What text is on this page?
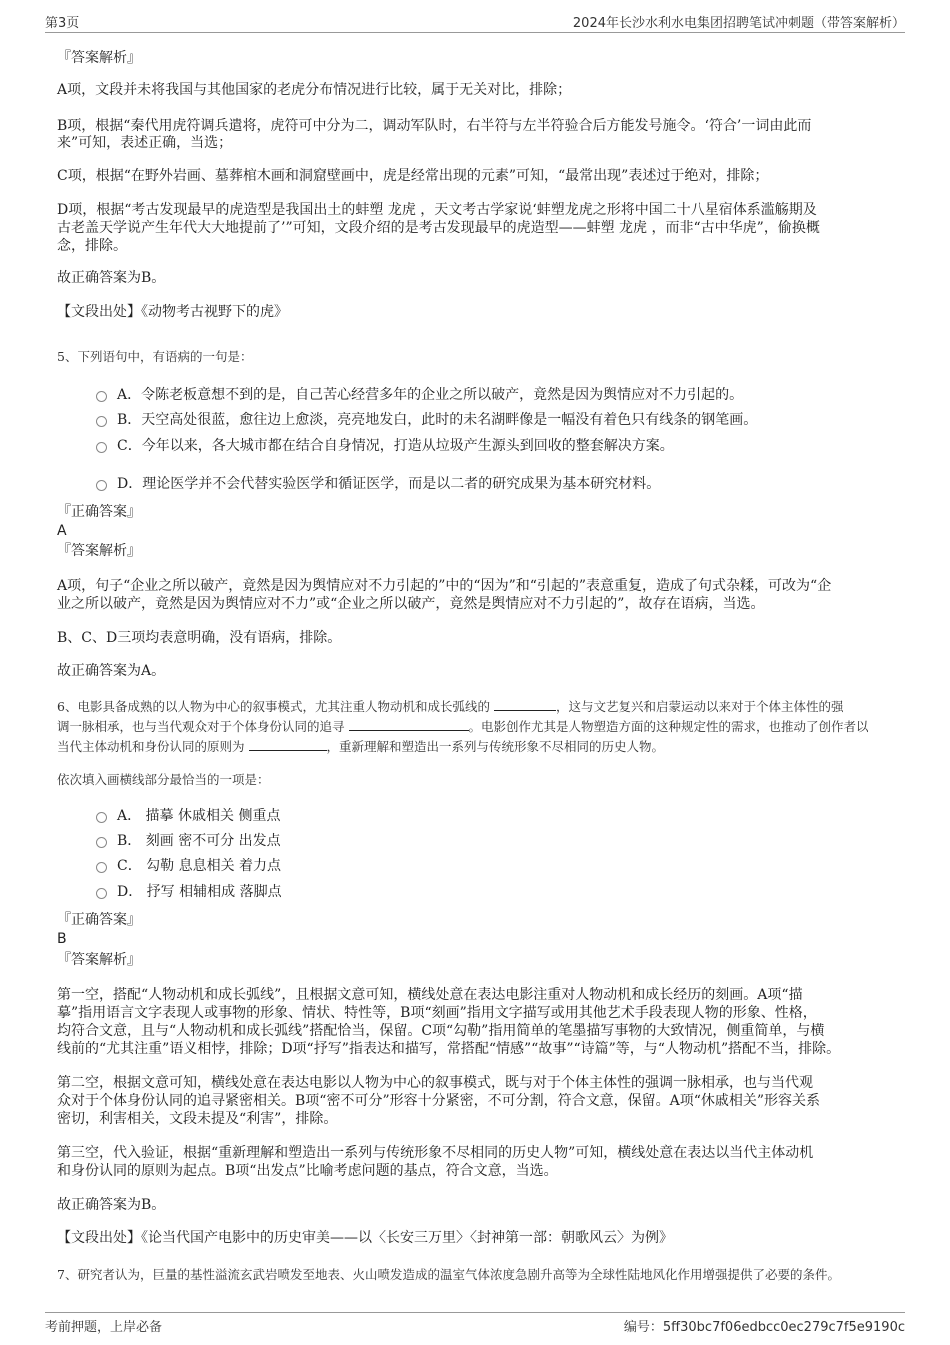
第3页	2024年长沙水利水电集团招聘笔试冲刺题（带答案解析）

『答案解析』

A项，文段并未将我国与其他国家的老虎分布情况进行比较，属于无关对比，排除；

B项，根据“秦代用虎符调兵遣将，虎符可中分为二，调动军队时，右半符与左半符验合后方能发号施令。‘符合’一词由此而

来”可知，表述正确，当选；

C项，根据“在野外岩画、墓葬棺木画和洞窟壁画中，虎是经常出现的元素”可知，“最常出现”表述过于绝对，排除；

D项，根据“考古发现最早的虎造型是我国出土的蚌塑 龙虎 ，天文考古学家说‘蚌塑龙虎之形将中国二十八星宿体系滥觞期及

古老盖天学说产生年代大大地提前了’”可知，文段介绍的是考古发现最早的虎造型——蚌塑 龙虎 ，而非“古中华虎”，偷换概

念，排除。

故正确答案为B。

【文段出处】《动物考古视野下的虎》

5、下列语句中，有语病的一句是：

A．令陈老板意想不到的是，自己苦心经营多年的企业之所以破产，竟然是因为舆情应对不力引起的。
B．天空高处很蓝，愈往边上愈淡，亮亮地发白，此时的未名湖畔像是一幅没有着色只有线条的钢笔画。
C．今年以来，各大城市都在结合自身情况，打造从垃圾产生源头到回收的整套解决方案。
D．理论医学并不会代替实验医学和循证医学，而是以二者的研究成果为基本研究材料。

『正确答案』

A

『答案解析』

A项，句子“企业之所以破产，竟然是因为舆情应对不力引起的”中的“因为”和“引起的”表意重复，造成了句式杂糅，可改为“企

业之所以破产，竟然是因为舆情应对不力”或“企业之所以破产，竟然是舆情应对不力引起的”，故存在语病，当选。

B、C、D三项均表意明确，没有语病，排除。

故正确答案为A。

6、电影具备成熟的以人物为中心的叙事模式，尤其注重人物动机和成长弧线的	，这与文艺复兴和启蒙运动以来对于个体主体性的强

调一脉相承，也与当代观众对于个体身份认同的追寻	。电影创作尤其是人物塑造方面的这种规定性的需求，也推动了创作者以

当代主体动机和身份认同的原则为	，重新理解和塑造出一系列与传统形象不尽相同的历史人物。

依次填入画横线部分最恰当的一项是：

A． 描摹 休戚相关 侧重点
B． 刻画 密不可分 出发点
C． 勾勒 息息相关 着力点
D． 抒写 相辅相成 落脚点

『正确答案』

B

『答案解析』

第一空，搭配“人物动机和成长弧线”，且根据文意可知，横线处意在表达电影注重对人物动机和成长经历的刻画。A项“描

摹”指用语言文字表现人或事物的形象、情状、特性等，B项“刻画”指用文字描写或用其他艺术手段表现人物的形象、性格，

均符合文意，且与“人物动机和成长弧线”搭配恰当，保留。C项“勾勒”指用简单的笔墨描写事物的大致情况，侧重简单，与横

线前的“尤其注重”语义相悖，排除；D项“抒写”指表达和描写，常搭配“情感”“故事”“诗篇”等，与“人物动机”搭配不当，排除。

第二空，根据文意可知，横线处意在表达电影以人物为中心的叙事模式，既与对于个体主体性的强调一脉相承，也与当代观

众对于个体身份认同的追寻紧密相关。B项“密不可分”形容十分紧密，不可分割，符合文意，保留。A项“休戚相关”形容关系

密切，利害相关，文段未提及“利害”，排除。

第三空，代入验证，根据“重新理解和塑造出一系列与传统形象不尽相同的历史人物”可知，横线处意在表达以当代主体动机

和身份认同的原则为起点。B项“出发点”比喻考虑问题的基点，符合文意，当选。

故正确答案为B。

【文段出处】《论当代国产电影中的历史审美——以〈长安三万里〉〈封神第一部：朝歌风云〉为例》

7、研究者认为，巨量的基性溢流玄武岩喷发至地表、火山喷发造成的温室气体浓度急剧升高等为全球性陆地风化作用增强提供了必要的条件。

考前押题，上岸必备	编号：5ff30bc7f06edbcc0ec279c7f5e9190c
